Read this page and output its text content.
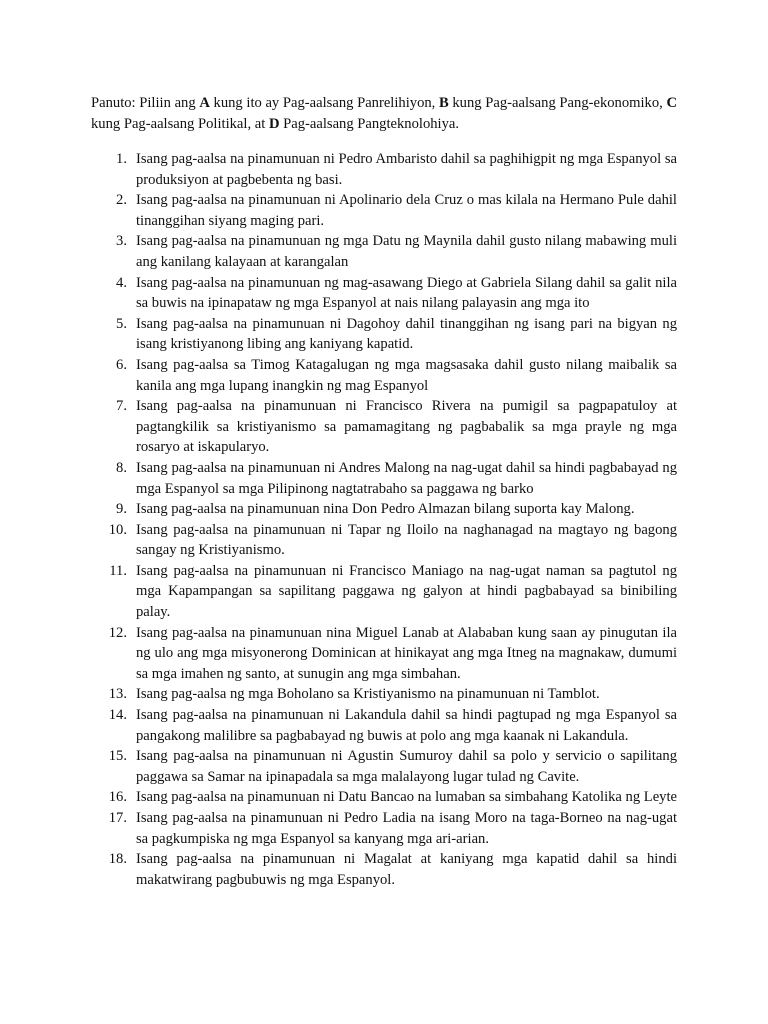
Panuto: Piliin ang A kung ito ay Pag-aalsang Panrelihiyon, B kung Pag-aalsang Pang-ekonomiko, C kung Pag-aalsang Politikal, at D Pag-aalsang Pangteknolohiya.

1. Isang pag-aalsa na pinamunuan ni Pedro Ambaristo dahil sa paghihigpit ng mga Espanyol sa produksiyon at pagbebenta ng basi.
2. Isang pag-aalsa na pinamunuan ni Apolinario dela Cruz o mas kilala na Hermano Pule dahil tinanggihan siyang maging pari.
3. Isang pag-aalsa na pinamunuan ng mga Datu ng Maynila dahil gusto nilang mabawing muli ang kanilang kalayaan at karangalan
4. Isang pag-aalsa na pinamunuan ng mag-asawang Diego at Gabriela Silang dahil sa galit nila sa buwis na ipinapataw ng mga Espanyol at nais nilang palayasin ang mga ito
5. Isang pag-aalsa na pinamunuan ni Dagohoy dahil tinanggihan ng isang pari na bigyan ng isang kristiyanong libing ang kaniyang kapatid.
6. Isang pag-aalsa sa Timog Katagalugan ng mga magsasaka dahil gusto nilang maibalik sa kanila ang mga lupang inangkin ng mag Espanyol
7. Isang pag-aalsa na pinamunuan ni Francisco Rivera na pumigil sa pagpapatuloy at pagtangkilik sa kristiyanismo sa pamamagitang ng pagbabalik sa mga prayle ng mga rosaryo at iskapularyo.
8. Isang pag-aalsa na pinamunuan ni Andres Malong na nag-ugat dahil sa hindi pagbabayad ng mga Espanyol sa mga Pilipinong nagtatrabaho sa paggawa ng barko
9. Isang pag-aalsa na pinamunuan nina Don Pedro Almazan bilang suporta kay Malong.
10. Isang pag-aalsa na pinamunuan ni Tapar ng Iloilo na naghanagad na magtayo ng bagong sangay ng Kristiyanismo.
11. Isang pag-aalsa na pinamunuan ni Francisco Maniago na nag-ugat naman sa pagtutol ng mga Kapampangan sa sapilitang paggawa ng galyon at hindi pagbabayad sa binibiling palay.
12. Isang pag-aalsa na pinamunuan nina Miguel Lanab at Alababan kung saan ay pinugutan ila ng ulo ang mga misyonerong Dominican at hinikayat ang mga Itneg na magnakaw, dumumi sa mga imahen ng santo, at sunugin ang mga simbahan.
13. Isang pag-aalsa ng mga Boholano sa Kristiyanismo na pinamunuan ni Tamblot.
14. Isang pag-aalsa na pinamunuan ni Lakandula dahil sa hindi pagtupad ng mga Espanyol sa pangakong malilibre sa pagbabayad ng buwis at polo ang mga kaanak ni Lakandula.
15. Isang pag-aalsa na pinamunuan ni Agustin Sumuroy dahil sa polo y servicio o sapilitang paggawa sa Samar na ipinapadala sa mga malalayong lugar tulad ng Cavite.
16. Isang pag-aalsa na pinamunuan ni Datu Bancao na lumaban sa simbahang Katolika ng Leyte
17. Isang pag-aalsa na pinamunuan ni Pedro Ladia na isang Moro na taga-Borneo na nag-ugat sa pagkumpiska ng mga Espanyol sa kanyang mga ari-arian.
18. Isang pag-aalsa na pinamunuan ni Magalat at kaniyang mga kapatid dahil sa hindi makatwirang pagbubuwis ng mga Espanyol.
